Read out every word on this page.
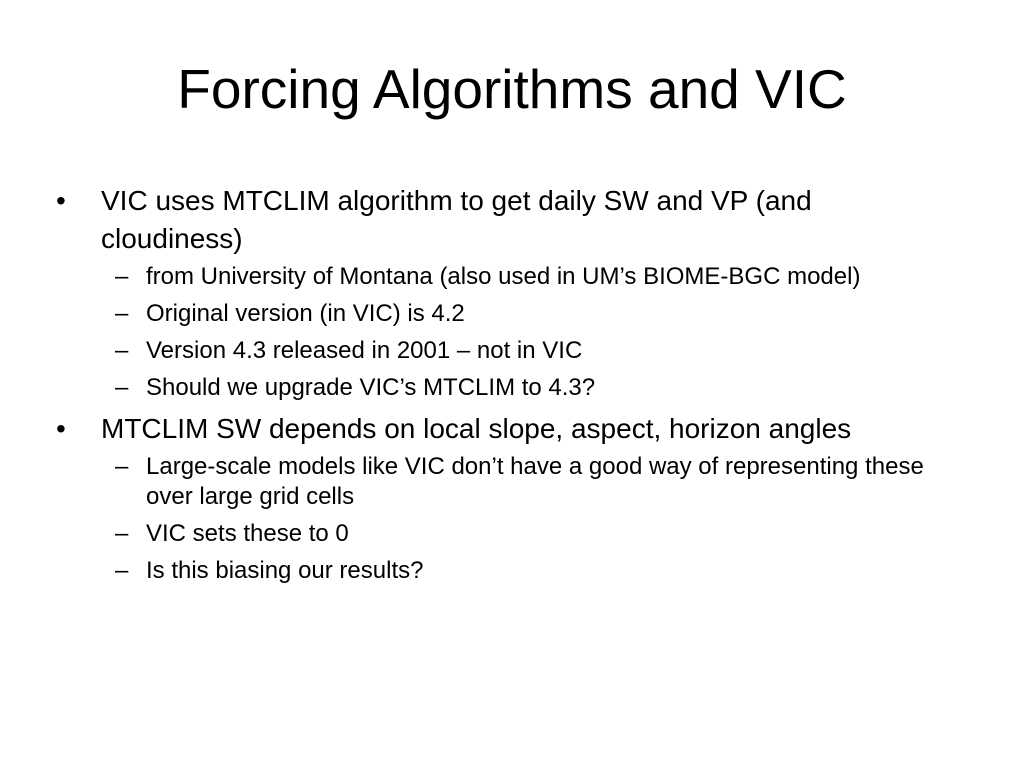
Forcing Algorithms and VIC
•	VIC uses MTCLIM algorithm to get daily SW and VP (and cloudiness)
– from University of Montana (also used in UM’s BIOME-BGC model)
– Original version (in VIC) is 4.2
– Version 4.3 released in 2001 – not in VIC
– Should we upgrade VIC’s MTCLIM to 4.3?
•	MTCLIM SW depends on local slope, aspect, horizon angles
– Large-scale models like VIC don’t have a good way of representing these over large grid cells
– VIC sets these to 0
– Is this biasing our results?
